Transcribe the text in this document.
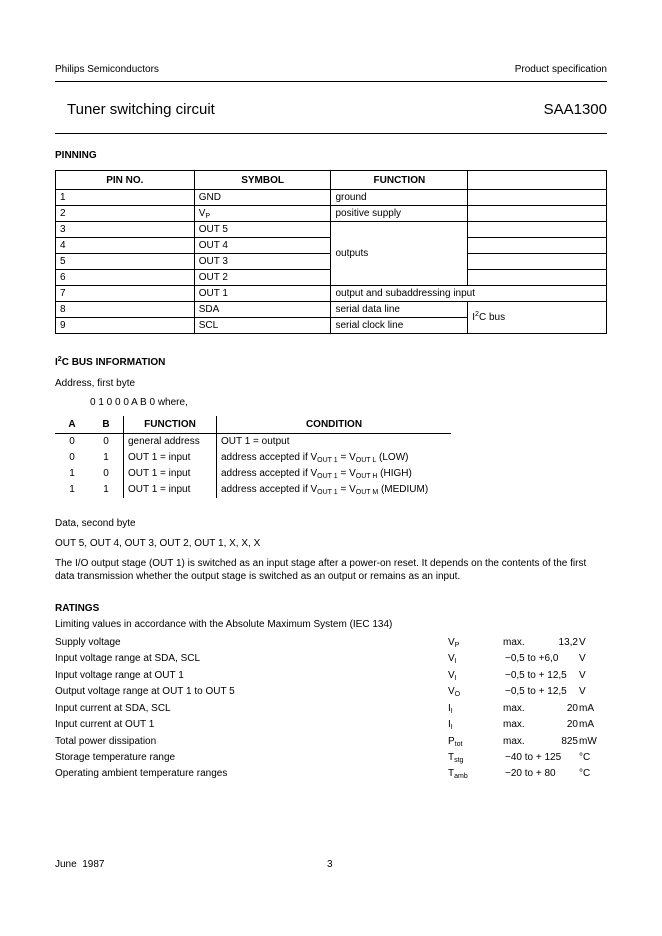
Philips Semiconductors	Product specification
Tuner switching circuit	SAA1300
PINNING
PIN NO.	SYMBOL	FUNCTION	
1	GND	ground	
2	$V_P$	positive supply	
3	OUT 5	outputs	
4	OUT 4		
5	OUT 3		
6	OUT 2		
7	OUT 1	output and subaddressing input	
8	SDA	serial data line	$I^2C$ bus
9	SCL	serial clock line	
$I^2C$ BUS INFORMATION
Address, first byte
0 1 0 0 0 A B 0 where,
A	B	FUNCTION	CONDITION
0	0	general address	OUT 1 = output
0	1	OUT 1 = input	address accepted if $V_{OUT 1} = V_{OUT L}$ (LOW)
1	0	OUT 1 = input	address accepted if $V_{OUT 1} = V_{OUT H}$ (HIGH)
1	1	OUT 1 = input	address accepted if $V_{OUT 1} = V_{OUT M}$ (MEDIUM)
Data, second byte
OUT 5, OUT 4, OUT 3, OUT 2, OUT 1, X, X, X
The I/O output stage (OUT 1) is switched as an input stage after a power-on reset. It depends on the contents of the first
data transmission whether the output stage is switched as an output or remains as an input.
RATINGS
Limiting values in accordance with the Absolute Maximum System (IEC 134)
Supply voltage	$V_P$	max.	13,2 V
Input voltage range at SDA, SCL	$V_I$	−0,5 to +6,0 V
Input voltage range at OUT 1	$V_I$	−0,5 to + 12,5 V
Output voltage range at OUT 1 to OUT 5	$V_O$	−0,5 to + 12,5 V
Input current at SDA, SCL	$I_I$	max.	20 mA
Input current at OUT 1	$I_I$	max.	20 mA
Total power dissipation	$P_{tot}$	max.	825 mW
Storage temperature range	$T_{stg}$	−40 to + 125 °C
Operating ambient temperature ranges	$T_{amb}$	−20 to + 80 °C
June  1987	3
